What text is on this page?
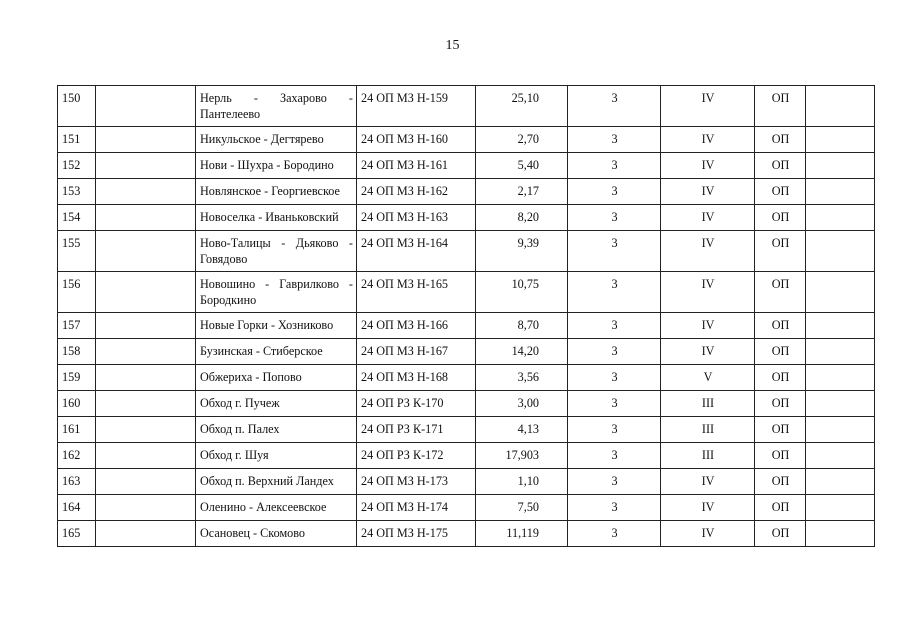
15
150		Нерль - Захарово - Пантелеево	24 ОП МЗ Н-159	25,10	3	IV	ОП	
151		Никульское - Дегтярево	24 ОП МЗ Н-160	2,70	3	IV	ОП	
152		Нови - Шухра - Бородино	24 ОП МЗ Н-161	5,40	3	IV	ОП	
153		Новлянское - Георгиевское	24 ОП МЗ Н-162	2,17	3	IV	ОП	
154		Новоселка - Иваньковский	24 ОП МЗ Н-163	8,20	3	IV	ОП	
155		Ново-Талицы - Дьяково - Говядово	24 ОП МЗ Н-164	9,39	3	IV	ОП	
156		Новошино - Гаврилково - Бородкино	24 ОП МЗ Н-165	10,75	3	IV	ОП	
157		Новые Горки - Хозниково	24 ОП МЗ Н-166	8,70	3	IV	ОП	
158		Бузинская - Стиберское	24 ОП МЗ Н-167	14,20	3	IV	ОП	
159		Обжериха - Попово	24 ОП МЗ Н-168	3,56	3	V	ОП	
160		Обход г. Пучеж	24 ОП РЗ К-170	3,00	3	III	ОП	
161		Обход п. Палех	24 ОП РЗ К-171	4,13	3	III	ОП	
162		Обход г. Шуя	24 ОП РЗ К-172	17,903	3	III	ОП	
163		Обход п. Верхний Ландех	24 ОП МЗ Н-173	1,10	3	IV	ОП	
164		Оленино - Алексеевское	24 ОП МЗ Н-174	7,50	3	IV	ОП	
165		Осановец - Скомово	24 ОП МЗ Н-175	11,119	3	IV	ОП	
